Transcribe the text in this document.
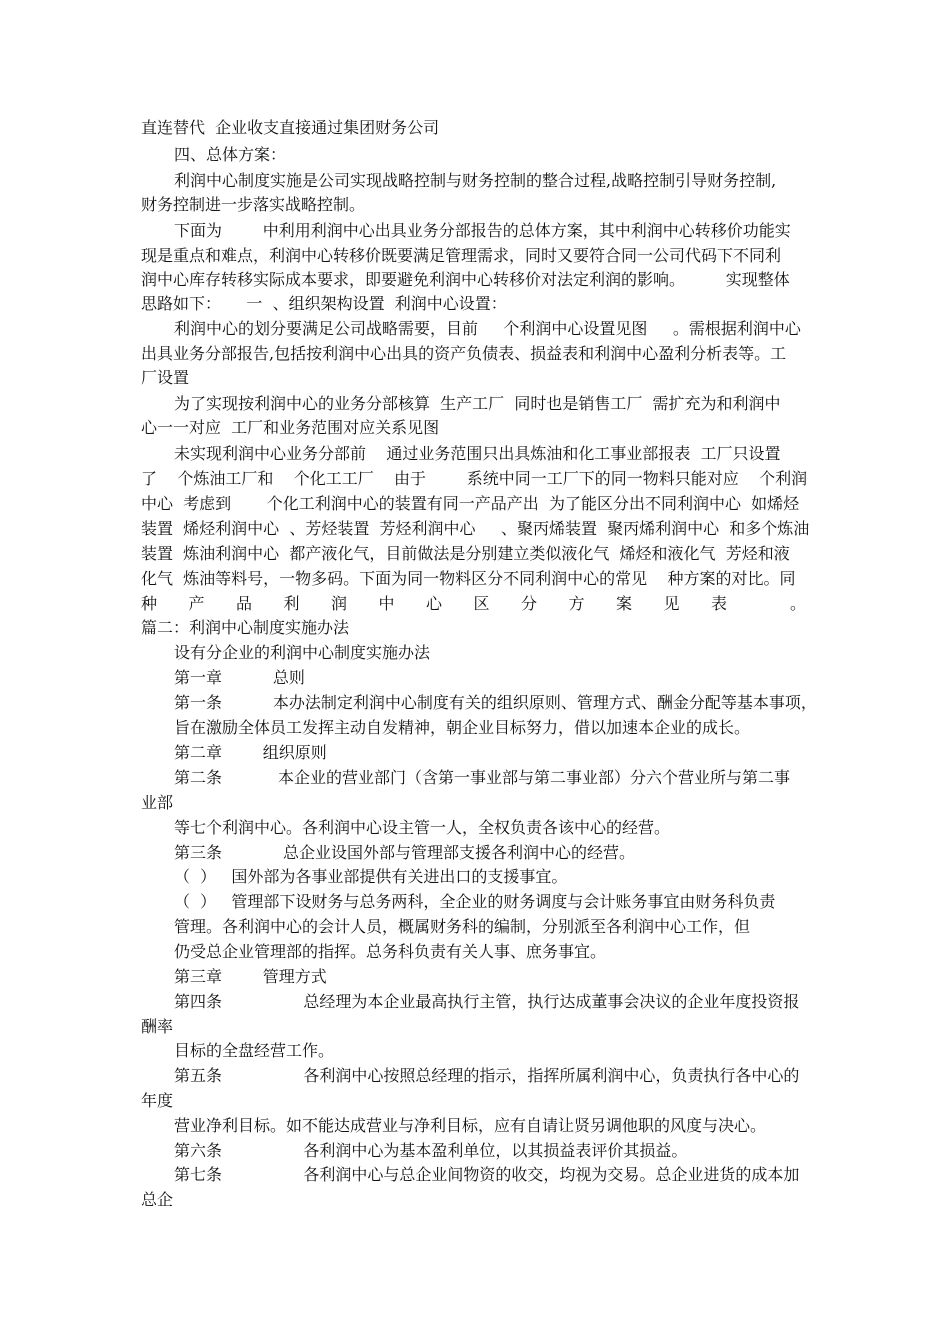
直连替代  企业收支直接通过集团财务公司

四、总体方案：

利润中心制度实施是公司实现战略控制与财务控制的整合过程,战略控制引导财务控制,

财务控制进一步落实战略控制。

下面为        中利用利润中心出具业务分部报告的总体方案，其中利润中心转移价功能实

现是重点和难点，利润中心转移价既要满足管理需求，同时又要符合同一公司代码下不同利

润中心库存转移实际成本要求，即要避免利润中心转移价对法定利润的影响。        实现整体

思路如下：     一  、组织架构设置  利润中心设置：

利润中心的划分要满足公司战略需要，目前     个利润中心设置见图     。需根据利润中心

出具业务分部报告,包括按利润中心出具的资产负债表、损益表和利润中心盈利分析表等。工

厂设置

为了实现按利润中心的业务分部核算  生产工厂  同时也是销售工厂  需扩充为和利润中

心一一对应  工厂和业务范围对应关系见图

未实现利润中心业务分部前    通过业务范围只出具炼油和化工事业部报表  工厂只设置

了    个炼油工厂和    个化工工厂    由于        系统中同一工厂下的同一物料只能对应    个利润

中心  考虑到       个化工利润中心的装置有同一产品产出  为了能区分出不同利润中心  如烯烃

装置  烯烃利润中心  、芳烃装置  芳烃利润中心     、聚丙烯装置  聚丙烯利润中心  和多个炼油

装置  炼油利润中心  都产液化气，目前做法是分别建立类似液化气  烯烃和液化气  芳烃和液

化气  炼油等料号，一物多码。下面为同一物料区分不同利润中心的常见    种方案的对比。同

种 产 品 利 润 中 心 区 分 方 案 见 表	。

篇二：利润中心制度实施办法

设有分企业的利润中心制度实施办法

第一章          总则

第一条          本办法制定利润中心制度有关的组织原则、管理方式、酬金分配等基本事项，

旨在激励全体员工发挥主动自发精神，朝企业目标努力，借以加速本企业的成长。

第二章        组织原则

第二条           本企业的营业部门（含第一事业部与第二事业部）分六个营业所与第二事

业部

等七个利润中心。各利润中心设主管一人，全权负责各该中心的经营。

第三条            总企业设国外部与管理部支援各利润中心的经营。

（  ）   国外部为各事业部提供有关进出口的支援事宜。

（  ）   管理部下设财务与总务两科，全企业的财务调度与会计账务事宜由财务科负责

管理。各利润中心的会计人员，概属财务科的编制，分别派至各利润中心工作，但

仍受总企业管理部的指挥。总务科负责有关人事、庶务事宜。

第三章        管理方式

第四条                总经理为本企业最高执行主管，执行达成董事会决议的企业年度投资报

酬率

目标的全盘经营工作。

第五条                各利润中心按照总经理的指示，指挥所属利润中心，负责执行各中心的

年度

营业净利目标。如不能达成营业与净利目标，应有自请让贤另调他职的风度与决心。

第六条                各利润中心为基本盈利单位，以其损益表评价其损益。

第七条                各利润中心与总企业间物资的收交，均视为交易。总企业进货的成本加

总企
